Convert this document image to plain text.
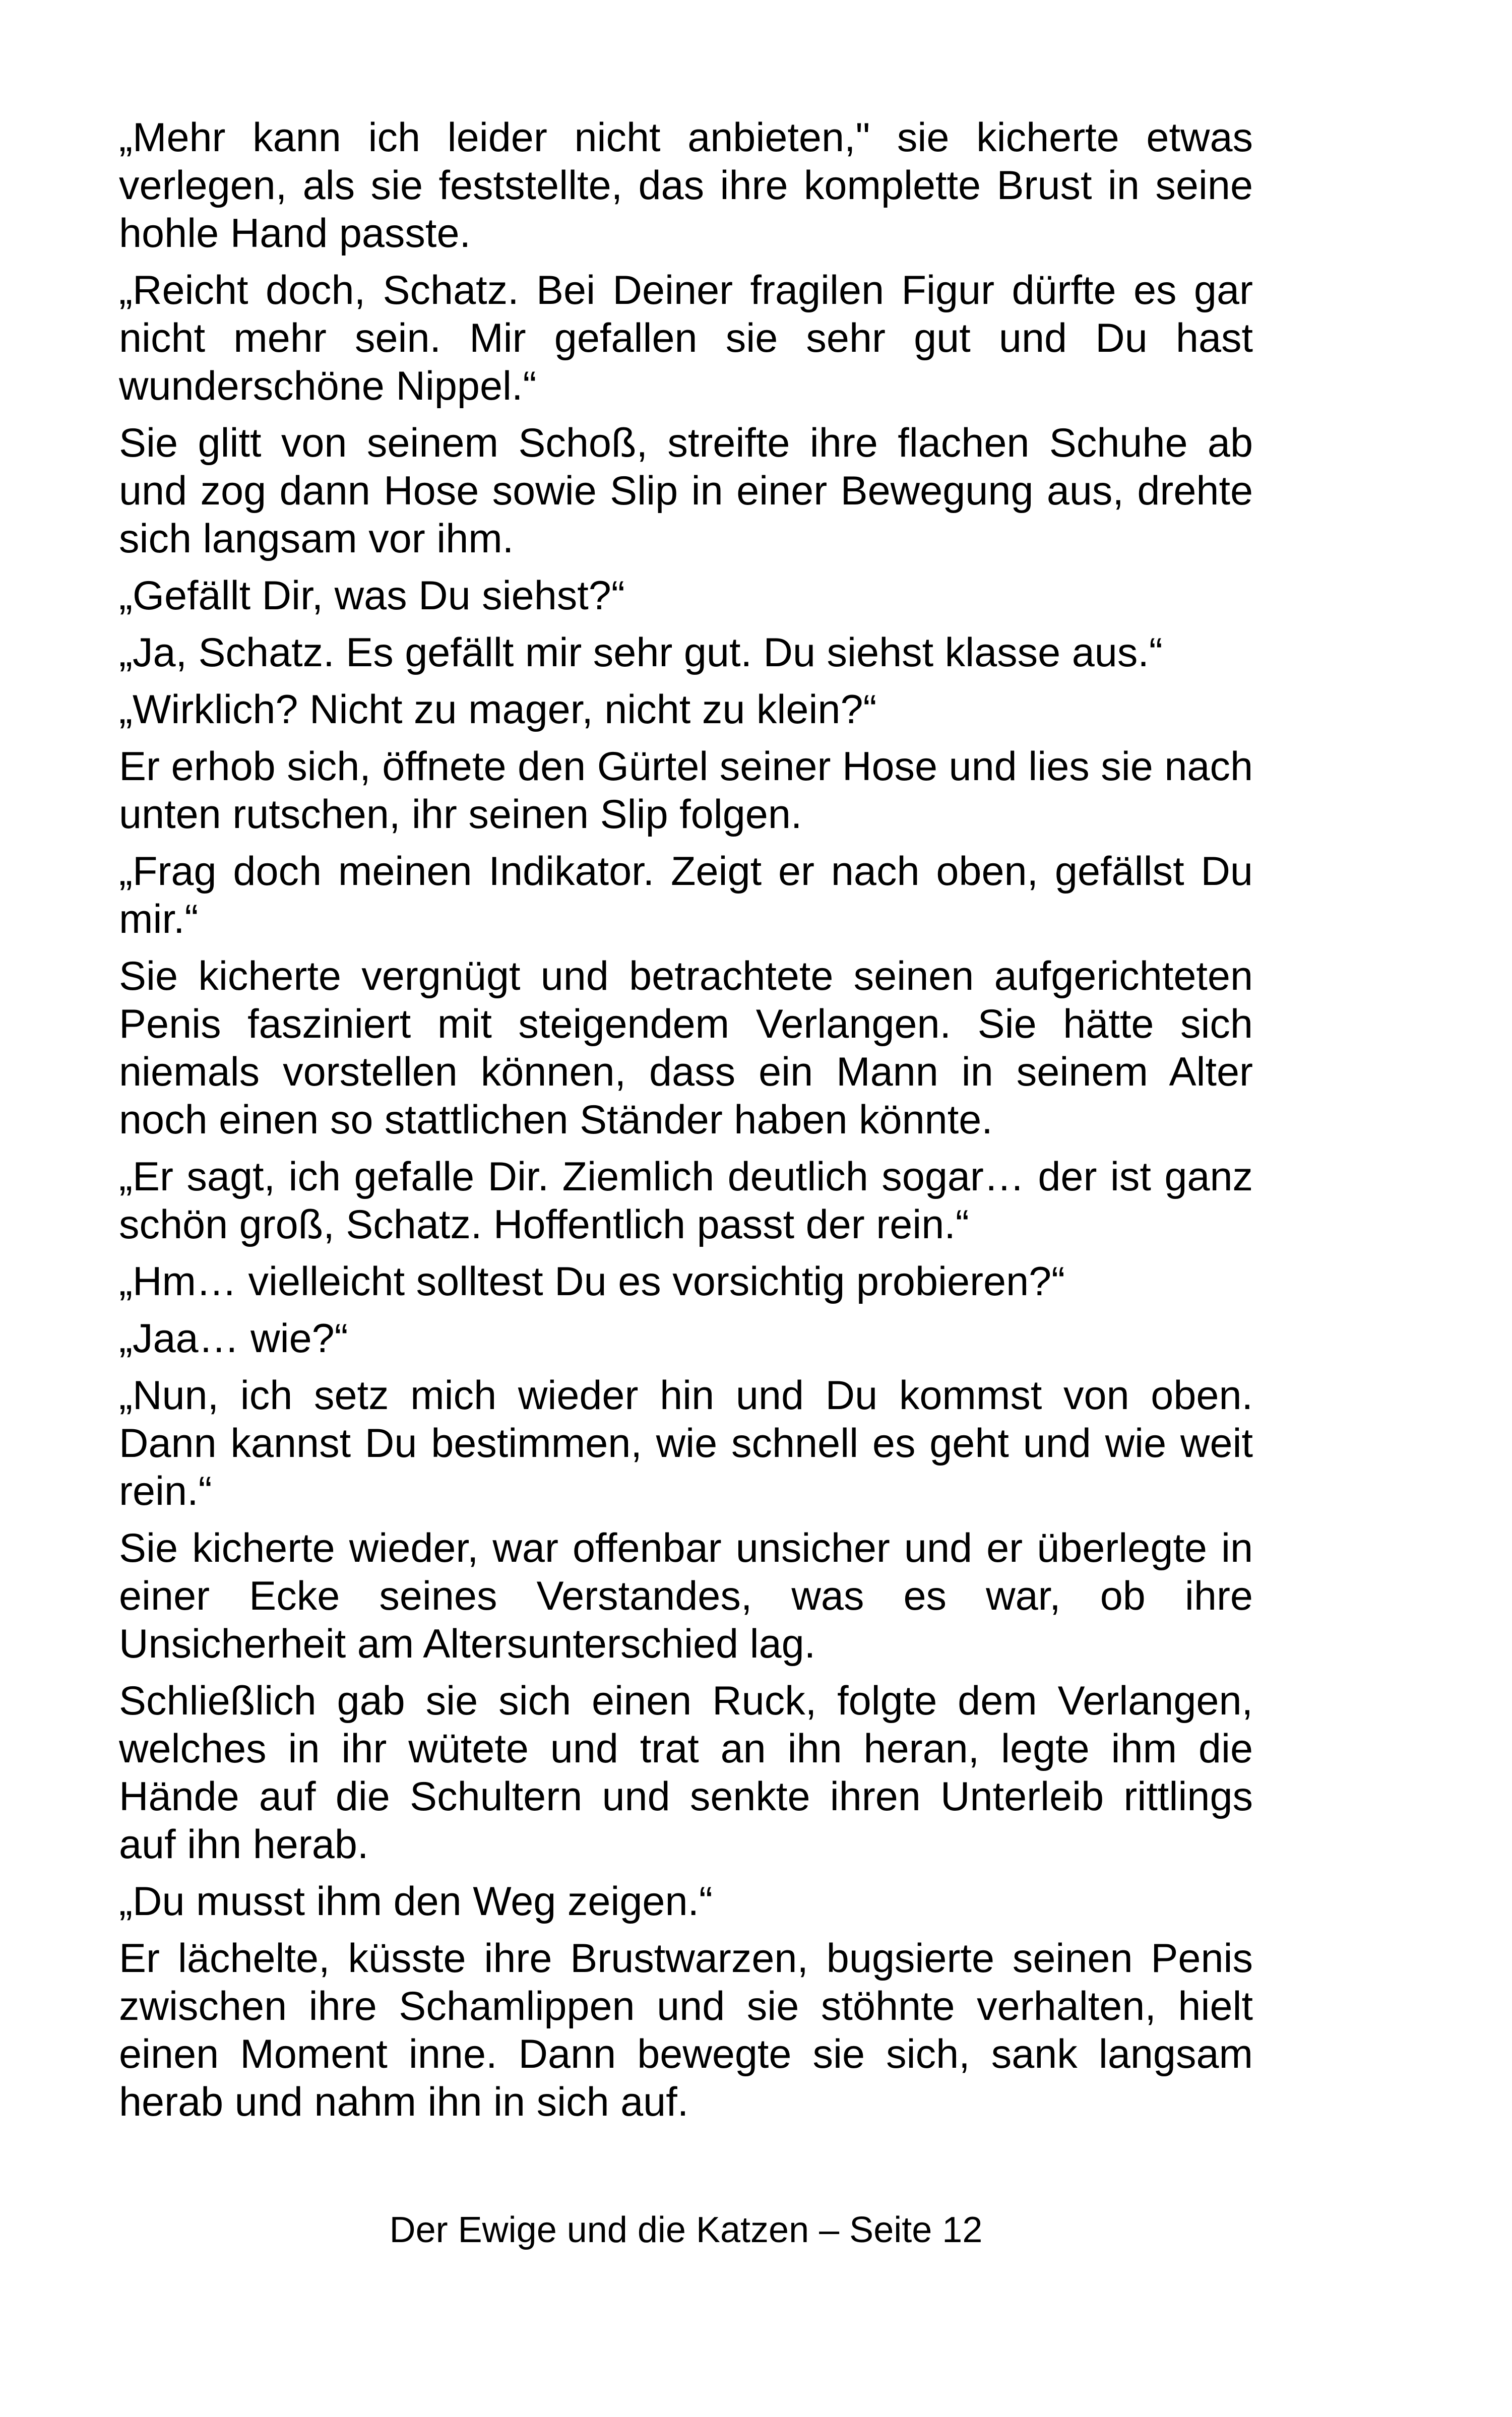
„Mehr kann ich leider nicht anbieten," sie kicherte etwas verlegen, als sie feststellte, das ihre komplette Brust in seine hohle Hand passte.

„Reicht doch, Schatz. Bei Deiner fragilen Figur dürfte es gar nicht mehr sein. Mir gefallen sie sehr gut und Du hast wunderschöne Nippel.“

Sie glitt von seinem Schoß, streifte ihre flachen Schuhe ab und zog dann Hose sowie Slip in einer Bewegung aus, drehte sich langsam vor ihm.

„Gefällt Dir, was Du siehst?“

„Ja, Schatz. Es gefällt mir sehr gut. Du siehst klasse aus.“

„Wirklich? Nicht zu mager, nicht zu klein?“

Er erhob sich, öffnete den Gürtel seiner Hose und lies sie nach unten rutschen, ihr seinen Slip folgen.

„Frag doch meinen Indikator. Zeigt er nach oben, gefällst Du mir.“

Sie kicherte vergnügt und betrachtete seinen aufgerichteten Penis fasziniert mit steigendem Verlangen. Sie hätte sich niemals vorstellen können, dass ein Mann in seinem Alter noch einen so stattlichen Ständer haben könnte.

„Er sagt, ich gefalle Dir. Ziemlich deutlich sogar… der ist ganz schön groß, Schatz. Hoffentlich passt der rein.“

„Hm… vielleicht solltest Du es vorsichtig probieren?“

„Jaa… wie?“

„Nun, ich setz mich wieder hin und Du kommst von oben. Dann kannst Du bestimmen, wie schnell es geht und wie weit rein.“

Sie kicherte wieder, war offenbar unsicher und er überlegte in einer Ecke seines Verstandes, was es war, ob ihre Unsicherheit am Altersunterschied lag.

Schließlich gab sie sich einen Ruck, folgte dem Verlangen, welches in ihr wütete und trat an ihn heran, legte ihm die Hände auf die Schultern und senkte ihren Unterleib rittlings auf ihn herab.

„Du musst ihm den Weg zeigen.“

Er lächelte, küsste ihre Brustwarzen, bugsierte seinen Penis zwischen ihre Schamlippen und sie stöhnte verhalten, hielt einen Moment inne. Dann bewegte sie sich, sank langsam herab und nahm ihn in sich auf.

Der Ewige und die Katzen – Seite 12
